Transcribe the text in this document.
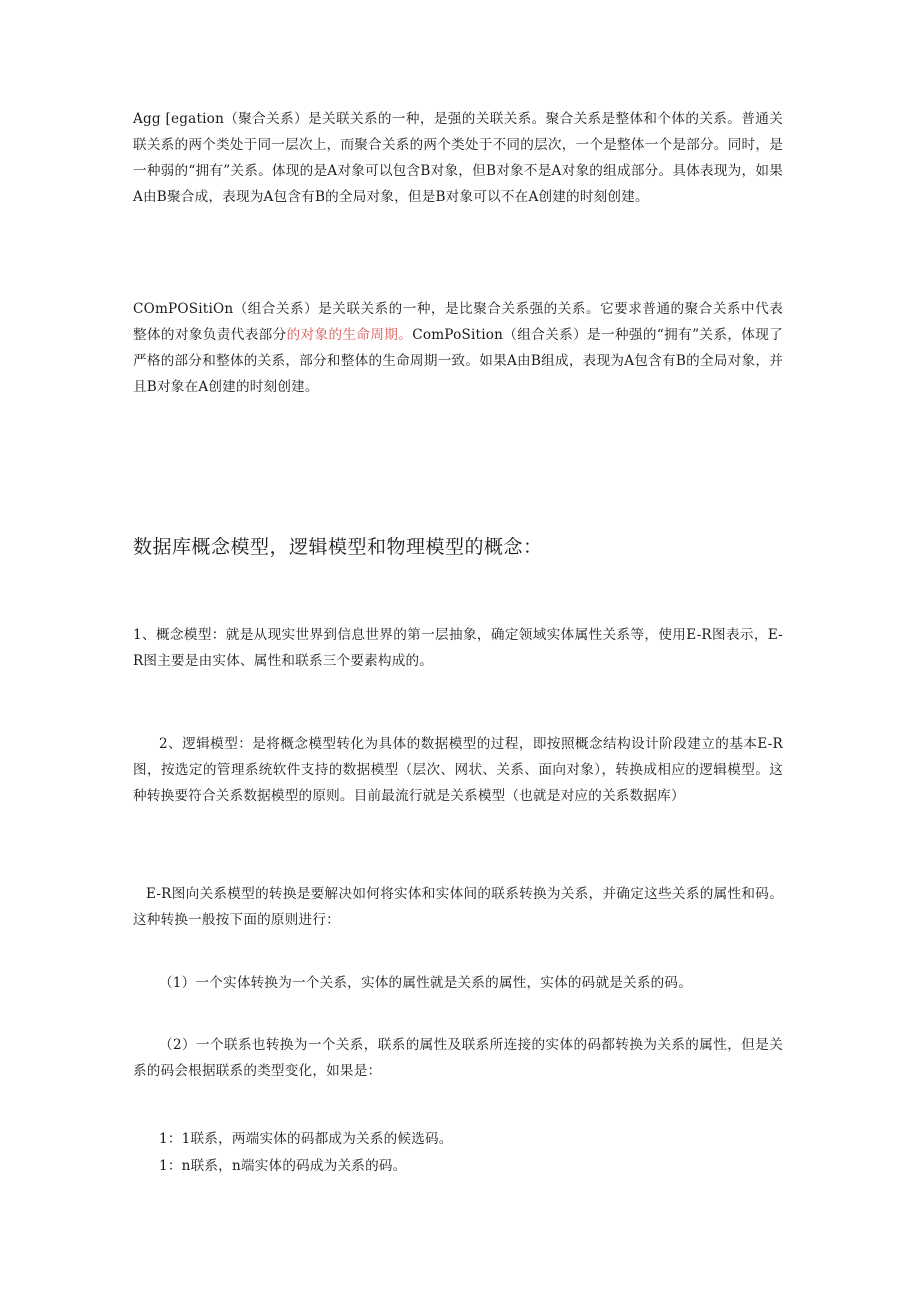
Agg [egation（聚合关系）是关联关系的一种，是强的关联关系。聚合关系是整体和个体的关系。普通关联关系的两个类处于同一层次上，而聚合关系的两个类处于不同的层次，一个是整体一个是部分。同时，是一种弱的“拥有”关系。体现的是A对象可以包含B对象，但B对象不是A对象的组成部分。具体表现为，如果A由B聚合成，表现为A包含有B的全局对象，但是B对象可以不在A创建的时刻创建。

COmPOSitiOn（组合关系）是关联关系的一种，是比聚合关系强的关系。它要求普通的聚合关系中代表整体的对象负责代表部分的对象的生命周期。ComPoSition（组合关系）是一种强的“拥有”关系，体现了严格的部分和整体的关系，部分和整体的生命周期一致。如果A由B组成，表现为A包含有B的全局对象，并且B对象在A创建的时刻创建。

数据库概念模型，逻辑模型和物理模型的概念：

1、概念模型：就是从现实世界到信息世界的第一层抽象，确定领域实体属性关系等，使用E-R图表示，E-R图主要是由实体、属性和联系三个要素构成的。

2、逻辑模型：是将概念模型转化为具体的数据模型的过程，即按照概念结构设计阶段建立的基本E-R图，按选定的管理系统软件支持的数据模型（层次、网状、关系、面向对象），转换成相应的逻辑模型。这种转换要符合关系数据模型的原则。目前最流行就是关系模型（也就是对应的关系数据库）

E-R图向关系模型的转换是要解决如何将实体和实体间的联系转换为关系，并确定这些关系的属性和码。这种转换一般按下面的原则进行：

（1）一个实体转换为一个关系，实体的属性就是关系的属性，实体的码就是关系的码。

（2）一个联系也转换为一个关系，联系的属性及联系所连接的实体的码都转换为关系的属性，但是关系的码会根据联系的类型变化，如果是：

1：1联系，两端实体的码都成为关系的候选码。

1：n联系，n端实体的码成为关系的码。
